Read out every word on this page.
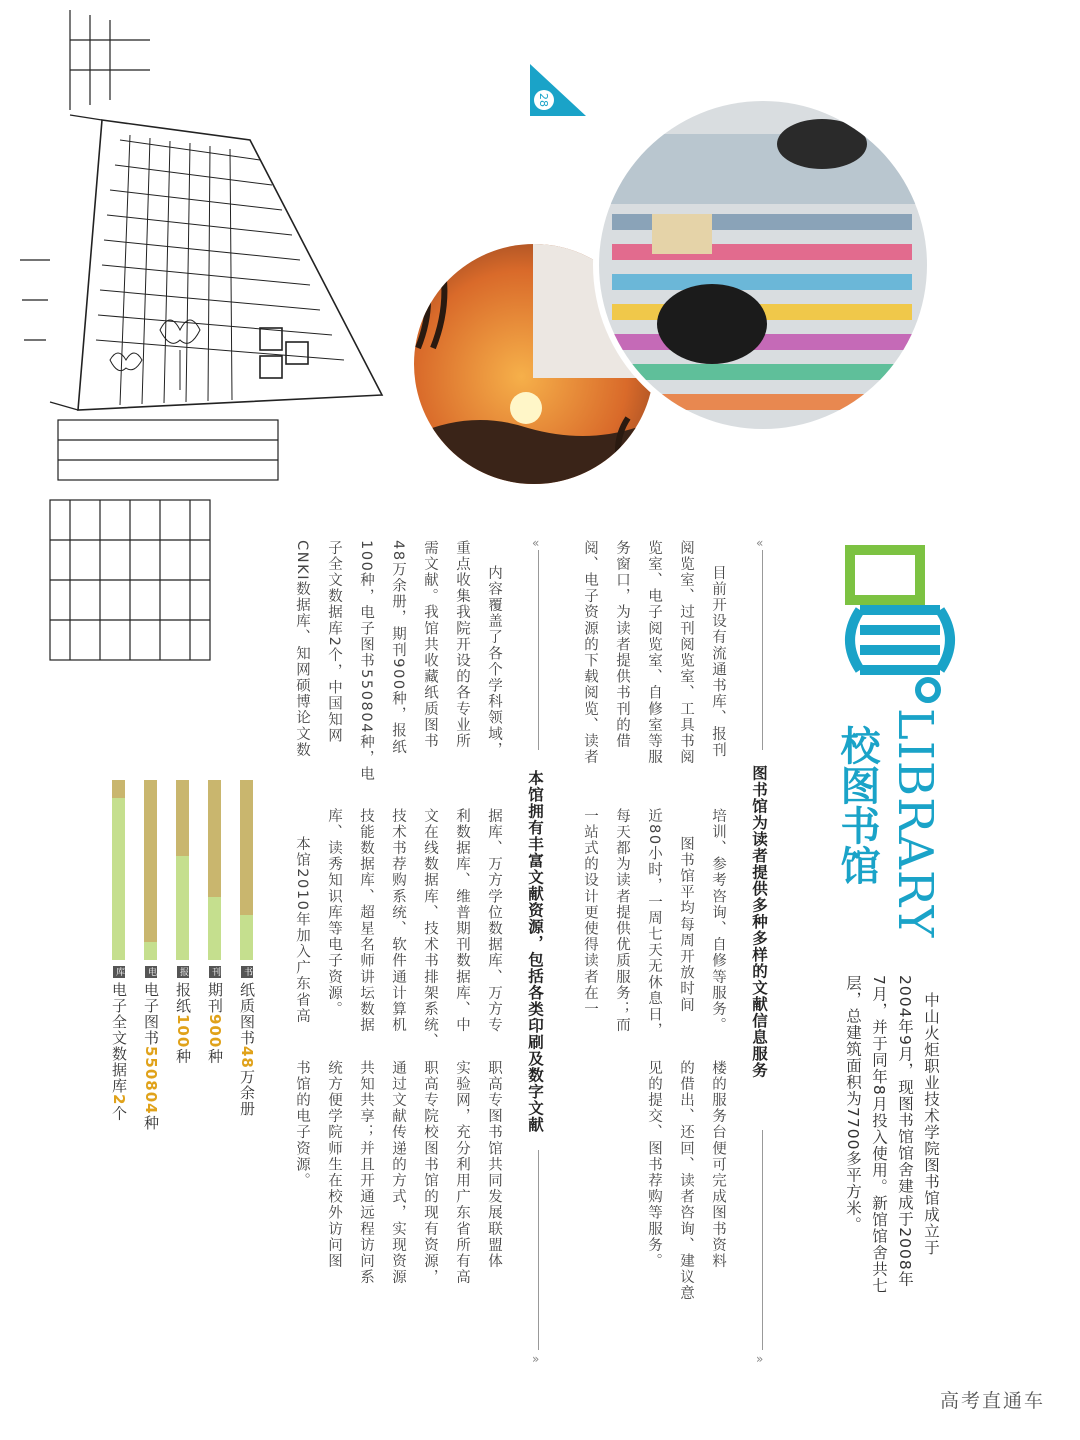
28
LIBRARY
校图书馆
中山火炬职业技术学院图书馆成立于
2004年9月，现图书馆馆舍建成于2008年
7月，并于同年8月投入使用。新馆馆舍共七
层，总建筑面积为7700多平方米。
«
图书馆为读者提供多种多样的文献信息服务
»
楼的服务台便可完成图书资料
的借出、还回、读者咨询、建议意
见的提交、图书荐购等服务。
培训、参考咨询、自修等服务。
图书馆平均每周开放时间
近80小时，一周七天无休息日，
每天都为读者提供优质服务；而
一站式的设计更使得读者在一
目前开设有流通书库、报刊
阅览室、过刊阅览室、工具书阅
览室、电子阅览室、自修室等服
务窗口，为读者提供书刊的借
阅、电子资源的下载阅览、读者
«
本馆拥有丰富文献资源，包括各类印刷及数字文献
»
职高专图书馆共同发展联盟体
实验网，充分利用广东省所有高
职高专院校图书馆的现有资源，
通过文献传递的方式，实现资源
共知共享；并且开通远程访问系
统方便学院师生在校外访问图
书馆的电子资源。
据库、万方学位数据库、万方专
利数据库、维普期刊数据库、中
文在线数据库、技术书排架系统、
技术书荐购系统、软件通计算机
技能数据库、超星名师讲坛数据
库、读秀知识库等电子资源。
本馆2010年加入广东省高
内容覆盖了各个学科领域，
重点收集我院开设的各专业所
需文献。我馆共收藏纸质图书
48万余册，期刊900种，报纸
100种，电子图书550804种，电
子全文数据库2个，中国知网
CNKI数据库、知网硕博论文数
书纸质图书48万余册
刊期刊900种
报报纸100种
电电子图书550804种
库电子全文数据库2个
高考直通车
